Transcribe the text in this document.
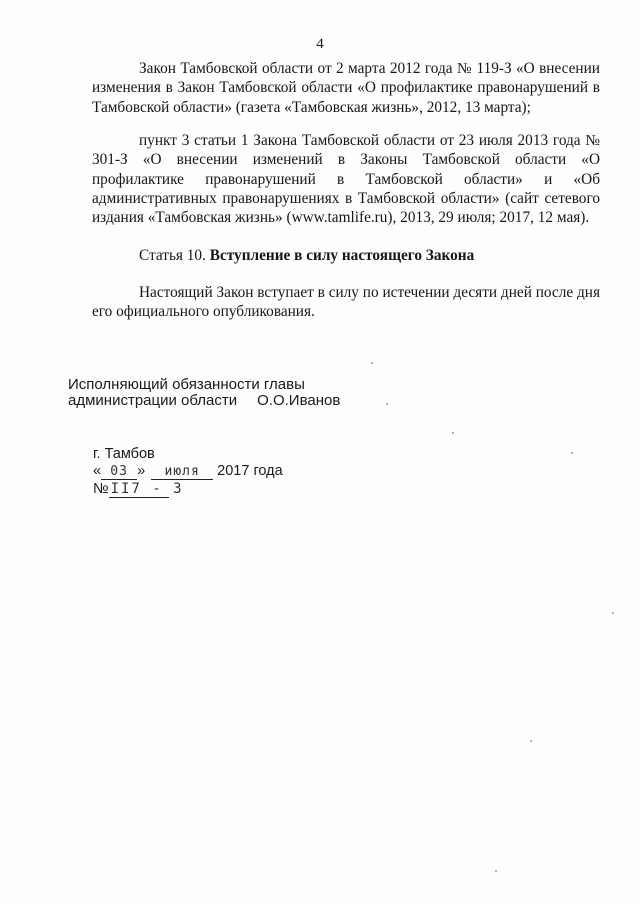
4

Закон Тамбовской области от 2 марта 2012 года № 119-З «О внесении изменения в Закон Тамбовской области «О профилактике правонарушений в Тамбовской области» (газета «Тамбовская жизнь», 2012, 13 марта);

пункт 3 статьи 1 Закона Тамбовской области от 23 июля 2013 года № 301-З «О внесении изменений в Законы Тамбовской области «О профилактике правонарушений в Тамбовской области» и «Об административных правонарушениях в Тамбовской области» (сайт сетевого издания «Тамбовская жизнь» (www.tamlife.ru), 2013, 29 июля; 2017, 12 мая).

Статья 10. Вступление в силу настоящего Закона

Настоящий Закон вступает в силу по истечении десяти дней после дня его официального опубликования.

Исполняющий обязанности главы
администрации области О.О.Иванов
г. Тамбов
« 03 » июля 2017 года
№ II7 - З
